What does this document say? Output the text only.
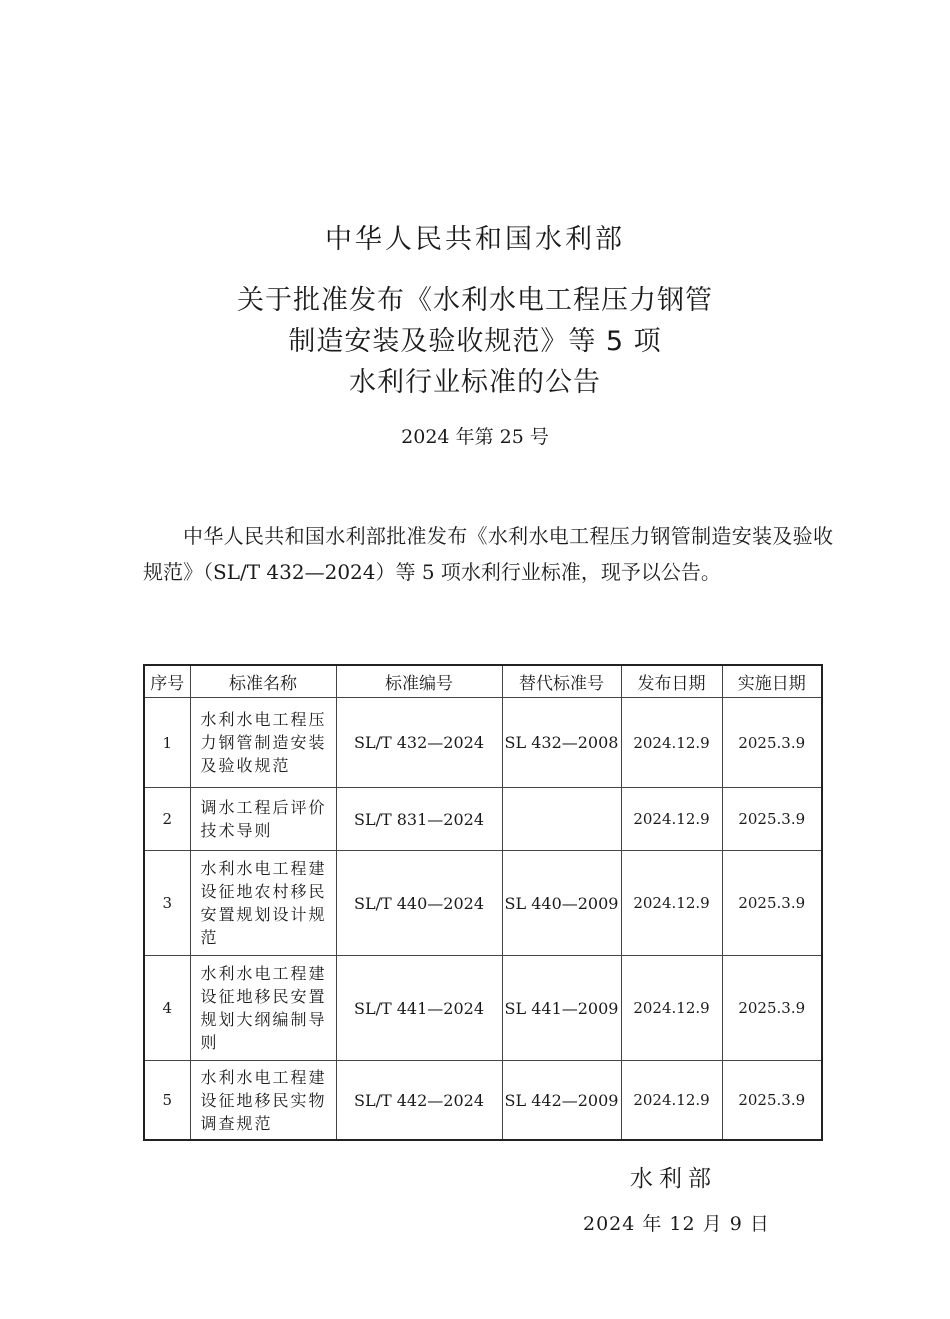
中华人民共和国水利部
关于批准发布《水利水电工程压力钢管
制造安装及验收规范》等 5 项
水利行业标准的公告
2024 年第 25 号
中华人民共和国水利部批准发布《水利水电工程压力钢管制造安装及验收规范》（SL/T 432—2024）等 5 项水利行业标准，现予以公告。
序号	标准名称	标准编号	替代标准号	发布日期	实施日期
1	水利水电工程压力钢管制造安装及验收规范	SL/T 432—2024	SL 432—2008	2024.12.9	2025.3.9
2	调水工程后评价技术导则	SL/T 831—2024		2024.12.9	2025.3.9
3	水利水电工程建设征地农村移民安置规划设计规范	SL/T 440—2024	SL 440—2009	2024.12.9	2025.3.9
4	水利水电工程建设征地移民安置规划大纲编制导则	SL/T 441—2024	SL 441—2009	2024.12.9	2025.3.9
5	水利水电工程建设征地移民实物调查规范	SL/T 442—2024	SL 442—2009	2024.12.9	2025.3.9
水利部
2024 年 12 月 9 日
